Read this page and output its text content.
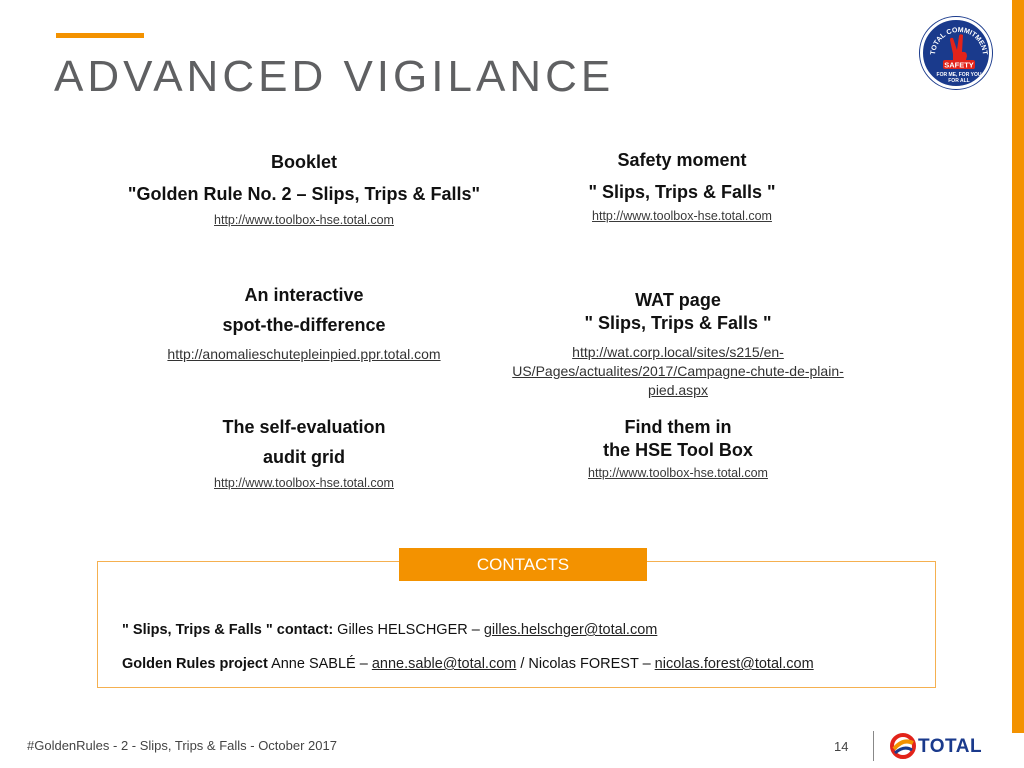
ADVANCED VIGILANCE	TOTAL COMMITMENT
SAFETY
FOR ME, FOR YOU
FOR ALL
Booklet
"Golden Rule No. 2 – Slips, Trips & Falls"
http://www.toolbox-hse.total.com
Safety moment
" Slips, Trips & Falls "
http://www.toolbox-hse.total.com
An interactive
spot-the-difference
http://anomalieschutepleinpied.ppr.total.com
WAT page
" Slips, Trips & Falls "
http://wat.corp.local/sites/s215/en-
US/Pages/actualites/2017/Campagne-chute-de-plain-
pied.aspx
The self-evaluation
audit grid
http://www.toolbox-hse.total.com
Find them in
the HSE Tool Box
http://www.toolbox-hse.total.com
CONTACTS
" Slips, Trips & Falls " contact: Gilles HELSCHGER – gilles.helschger@total.com
Golden Rules project Anne SABLÉ – anne.sable@total.com / Nicolas FOREST – nicolas.forest@total.com
#GoldenRules - 2 - Slips, Trips & Falls - October 2017	14	TOTAL
